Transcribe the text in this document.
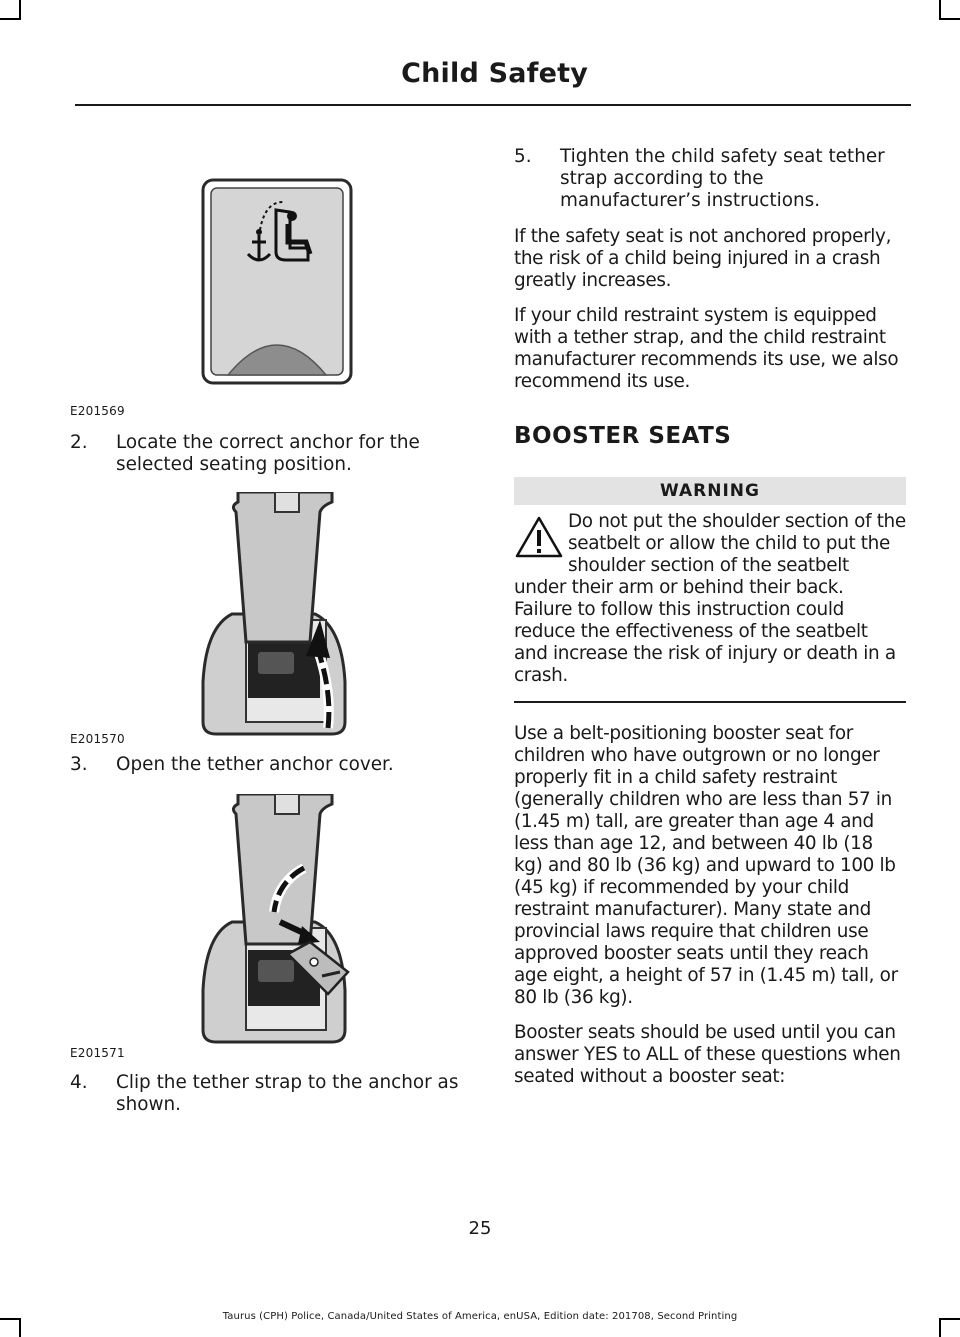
Child Safety
E201569
2. Locate the correct anchor for the selected seating position.
E201570
3. Open the tether anchor cover.
E201571
4. Clip the tether strap to the anchor as shown.
5. Tighten the child safety seat tether strap according to the manufacturer’s instructions.

If the safety seat is not anchored properly, the risk of a child being injured in a crash greatly increases.

If your child restraint system is equipped with a tether strap, and the child restraint manufacturer recommends its use, we also recommend its use.

BOOSTER SEATS
WARNING
Do not put the shoulder section of the seatbelt or allow the child to put the shoulder section of the seatbelt under their arm or behind their back. Failure to follow this instruction could reduce the effectiveness of the seatbelt and increase the risk of injury or death in a crash.

Use a belt-positioning booster seat for children who have outgrown or no longer properly fit in a child safety restraint (generally children who are less than 57 in (1.45 m) tall, are greater than age 4 and less than age 12, and between 40 lb (18 kg) and 80 lb (36 kg) and upward to 100 lb (45 kg) if recommended by your child restraint manufacturer). Many state and provincial laws require that children use approved booster seats until they reach age eight, a height of 57 in (1.45 m) tall, or 80 lb (36 kg).

Booster seats should be used until you can answer YES to ALL of these questions when seated without a booster seat:

25
Taurus (CPH) Police, Canada/United States of America, enUSA, Edition date: 201708, Second Printing
